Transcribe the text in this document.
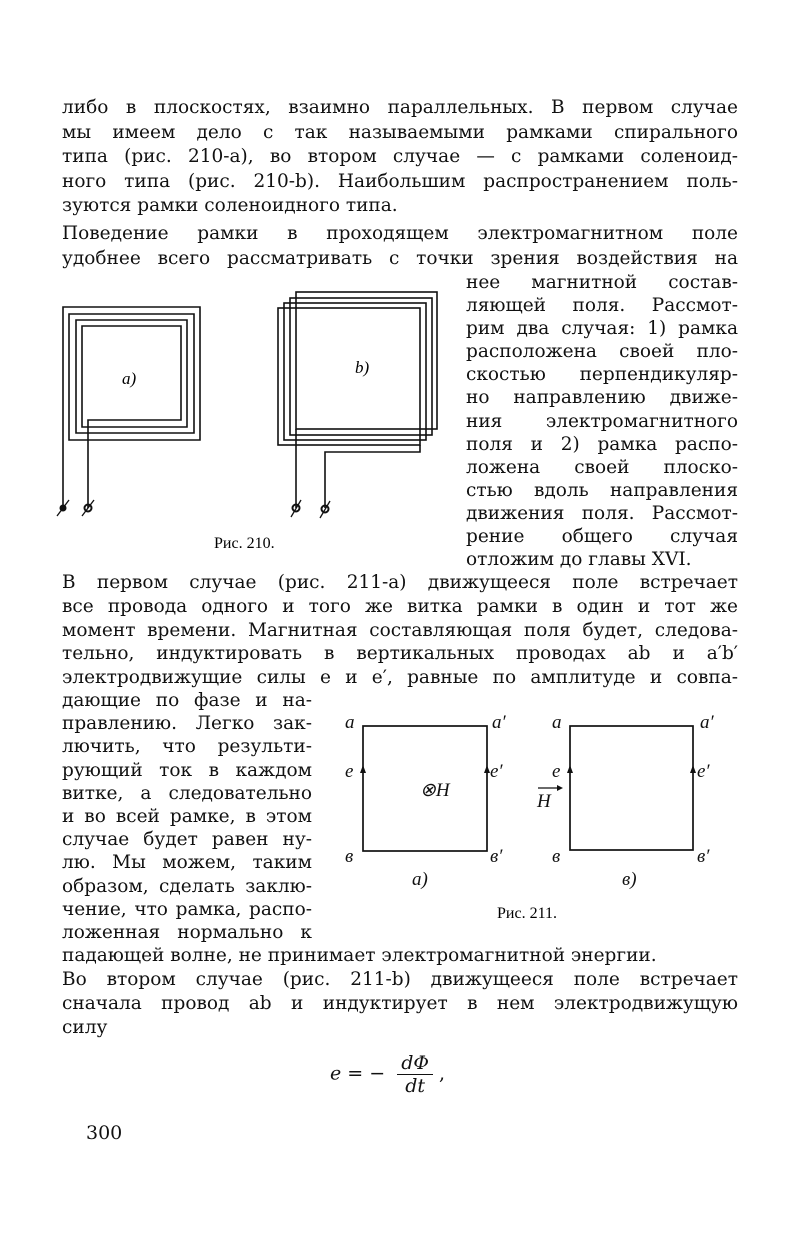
либо в плоскостях, взаимно параллельных. В первом случае
мы имеем дело с так называемыми рамками спирального
типа (рис. 210-а), во втором случае — с рамками соленоид-
ного типа (рис. 210-b). Наибольшим распространением поль-
зуются рамки соленоидного типа.
Поведение рамки в проходящем электромагнитном поле
удобнее всего рассматривать с точки зрения воздействия на
нее магнитной состав-
ляющей поля. Рассмот-
рим два случая: 1) рамка
расположена своей пло-
скостью перпендикуляр-
но направлению движе-
ния электромагнитного
поля и 2) рамка распо-
ложена своей плоско-
стью вдоль направления
движения поля. Рассмот-
рение общего случая
отложим до главы XVI.
В первом случае (рис. 211-а) движущееся поле встречает
все провода одного и того же витка рамки в один и тот же
момент времени. Магнитная составляющая поля будет, следова-
тельно, индуктировать в вертикальных проводах ab и a′b′
электродвижущие силы e и e′, равные по амплитуде и совпа-
дающие по фазе и на-
правлению. Легко зак-
лючить, что результи-
рующий ток в каждом
витке, а следовательно
и во всей рамке, в этом
случае будет равен ну-
лю. Мы можем, таким
образом, сделать заклю-
чение, что рамка, распо-
ложенная нормально к
падающей волне, не принимает электромагнитной энергии.
Во втором случае (рис. 211-b) движущееся поле встречает
сначала провод ab и индуктирует в нем электродвижущую
силу
e = − $\frac{d\Phi}{dt}$ ,
a)
b)
Рис. 210.
a	a′
e	e′
⊗H
в	в′
a)
a	a′
e	e′
H
в	в′
в)
Рис. 211.
300
